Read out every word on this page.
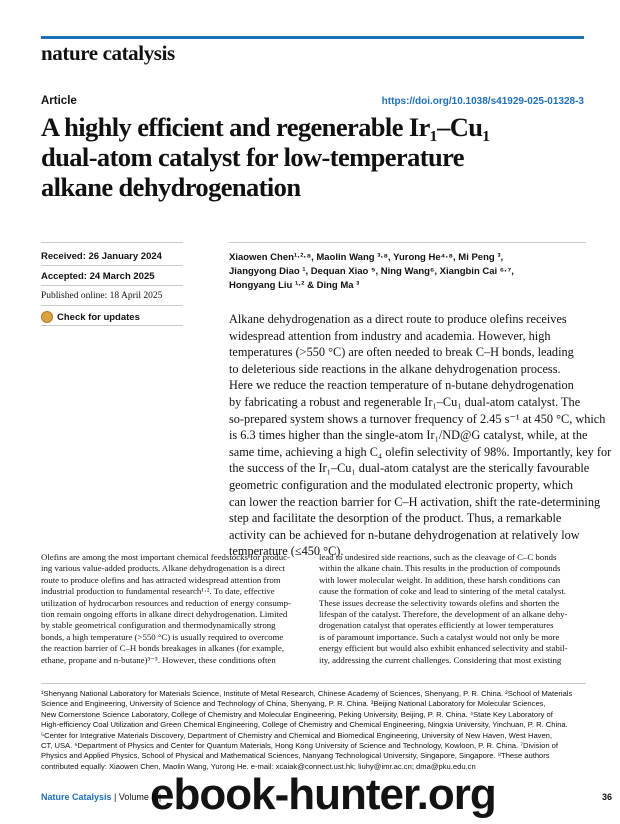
nature catalysis
Article	https://doi.org/10.1038/s41929-025-01328-3
A highly efficient and regenerable Ir₁–Cu₁
dual-atom catalyst for low-temperature
alkane dehydrogenation
Received: 26 January 2024
Accepted: 24 March 2025
Published online: 18 April 2025
Check for updates
Xiaowen Chen¹·²·⁸, Maolin Wang ³·⁸, Yurong He⁴·⁸, Mi Peng ³,
Jiangyong Diao ¹, Dequan Xiao ⁵, Ning Wang⁶, Xiangbin Cai ⁶·⁷,
Hongyang Liu ¹·² & Ding Ma ³
Alkane dehydrogenation as a direct route to produce olefins receives
widespread attention from industry and academia. However, high
temperatures (>550 °C) are often needed to break C–H bonds, leading
to deleterious side reactions in the alkane dehydrogenation process.
Here we reduce the reaction temperature of n-butane dehydrogenation
by fabricating a robust and regenerable Ir₁–Cu₁ dual-atom catalyst. The
so-prepared system shows a turnover frequency of 2.45 s⁻¹ at 450 °C, which
is 6.3 times higher than the single-atom Ir₁/ND@G catalyst, while, at the
same time, achieving a high C₄ olefin selectivity of 98%. Importantly, key for
the success of the Ir₁–Cu₁ dual-atom catalyst are the sterically favourable
geometric configuration and the modulated electronic property, which
can lower the reaction barrier for C–H activation, shift the rate-determining
step and facilitate the desorption of the product. Thus, a remarkable
activity can be achieved for n-butane dehydrogenation at relatively low
temperature (≤450 °C).
Olefins are among the most important chemical feedstocks for produc-
ing various value-added products. Alkane dehydrogenation is a direct
route to produce olefins and has attracted widespread attention from
industrial production to fundamental research¹·². To date, effective
utilization of hydrocarbon resources and reduction of energy consump-
tion remain ongoing efforts in alkane direct dehydrogenation. Limited
by stable geometrical configuration and thermodynamically strong
bonds, a high temperature (>550 °C) is usually required to overcome
the reaction barrier of C–H bonds breakages in alkanes (for example,
ethane, propane and n-butane)³⁻⁵. However, these conditions often
lead to undesired side reactions, such as the cleavage of C–C bonds
within the alkane chain. This results in the production of compounds
with lower molecular weight. In addition, these harsh conditions can
cause the formation of coke and lead to sintering of the metal catalyst.
These issues decrease the selectivity towards olefins and shorten the
lifespan of the catalyst. Therefore, the development of an alkane dehy-
drogenation catalyst that operates efficiently at lower temperatures
is of paramount importance. Such a catalyst would not only be more
energy efficient but would also exhibit enhanced selectivity and stabil-
ity, addressing the current challenges. Considering that most existing
¹Shenyang National Laboratory for Materials Science, Institute of Metal Research, Chinese Academy of Sciences, Shenyang, P. R. China. ²School of Materials
Science and Engineering, University of Science and Technology of China, Shenyang, P. R. China. ³Beijing National Laboratory for Molecular Sciences,
New Cornerstone Science Laboratory, College of Chemistry and Molecular Engineering, Peking University, Beijing, P. R. China. ⁴State Key Laboratory of
High-efficiency Coal Utilization and Green Chemical Engineering, College of Chemistry and Chemical Engineering, Ningxia University, Yinchuan, P. R. China.
⁵Center for Integrative Materials Discovery, Department of Chemistry and Chemical and Biomedical Engineering, University of New Haven, West Haven,
CT, USA. ⁶Department of Physics and Center for Quantum Materials, Hong Kong University of Science and Technology, Kowloon, P. R. China. ⁷Division of
Physics and Applied Physics, School of Physical and Mathematical Sciences, Nanyang Technological University, Singapore, Singapore. ⁸These authors
contributed equally: Xiaowen Chen, Maolin Wang, Yurong He. e-mail: xcaiak@connect.ust.hk; liuhy@imr.ac.cn; dma@pku.edu.cn
Nature Catalysis | Volume 8 |	36
ebook-hunter.org
